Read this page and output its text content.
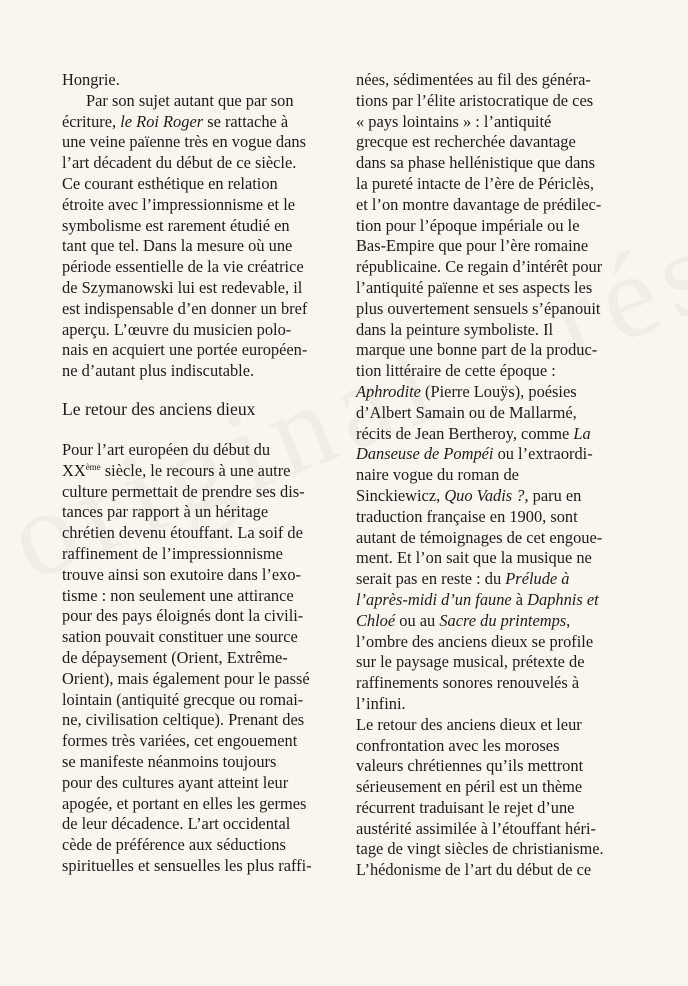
Hongrie.
Par son sujet autant que par son
écriture, le Roi Roger se rattache à
une veine païenne très en vogue dans
l’art décadent du début de ce siècle.
Ce courant esthétique en relation
étroite avec l’impressionnisme et le
symbolisme est rarement étudié en
tant que tel. Dans la mesure où une
période essentielle de la vie créatrice
de Szymanowski lui est redevable, il
est indispensable d’en donner un bref
aperçu. L’œuvre du musicien polo-
nais en acquiert une portée européen-
ne d’autant plus indiscutable.
Le retour des anciens dieux
Pour l’art européen du début du
XXème siècle, le recours à une autre
culture permettait de prendre ses dis-
tances par rapport à un héritage
chrétien devenu étouffant. La soif de
raffinement de l’impressionnisme
trouve ainsi son exutoire dans l’exo-
tisme : non seulement une attirance
pour des pays éloignés dont la civili-
sation pouvait constituer une source
de dépaysement (Orient, Extrême-
Orient), mais également pour le passé
lointain (antiquité grecque ou romai-
ne, civilisation celtique). Prenant des
formes très variées, cet engouement
se manifeste néanmoins toujours
pour des cultures ayant atteint leur
apogée, et portant en elles les germes
de leur décadence. L’art occidental
cède de préférence aux séductions
spirituelles et sensuelles les plus raffi-
nées, sédimentées au fil des généra-
tions par l’élite aristocratique de ces
« pays lointains » : l’antiquité
grecque est recherchée davantage
dans sa phase hellénistique que dans
la pureté intacte de l’ère de Périclès,
et l’on montre davantage de prédilec-
tion pour l’époque impériale ou le
Bas-Empire que pour l’ère romaine
républicaine. Ce regain d’intérêt pour
l’antiquité païenne et ses aspects les
plus ouvertement sensuels s’épanouit
dans la peinture symboliste. Il
marque une bonne part de la produc-
tion littéraire de cette époque :
Aphrodite (Pierre Louÿs), poésies
d’Albert Samain ou de Mallarmé,
récits de Jean Bertheroy, comme La
Danseuse de Pompéi ou l’extraordi-
naire vogue du roman de
Sinckiewicz, Quo Vadis ?, paru en
traduction française en 1900, sont
autant de témoignages de cet engoue-
ment. Et l’on sait que la musique ne
serait pas en reste : du Prélude à
l’après-midi d’un faune à Daphnis et
Chloé ou au Sacre du printemps,
l’ombre des anciens dieux se profile
sur le paysage musical, prétexte de
raffinements sonores renouvelés à
l’infini.
Le retour des anciens dieux et leur
confrontation avec les moroses
valeurs chrétiennes qu’ils mettront
sérieusement en péril est un thème
récurrent traduisant le rejet d’une
austérité assimilée à l’étouffant héri-
tage de vingt siècles de christianisme.
L’hédonisme de l’art du début de ce
